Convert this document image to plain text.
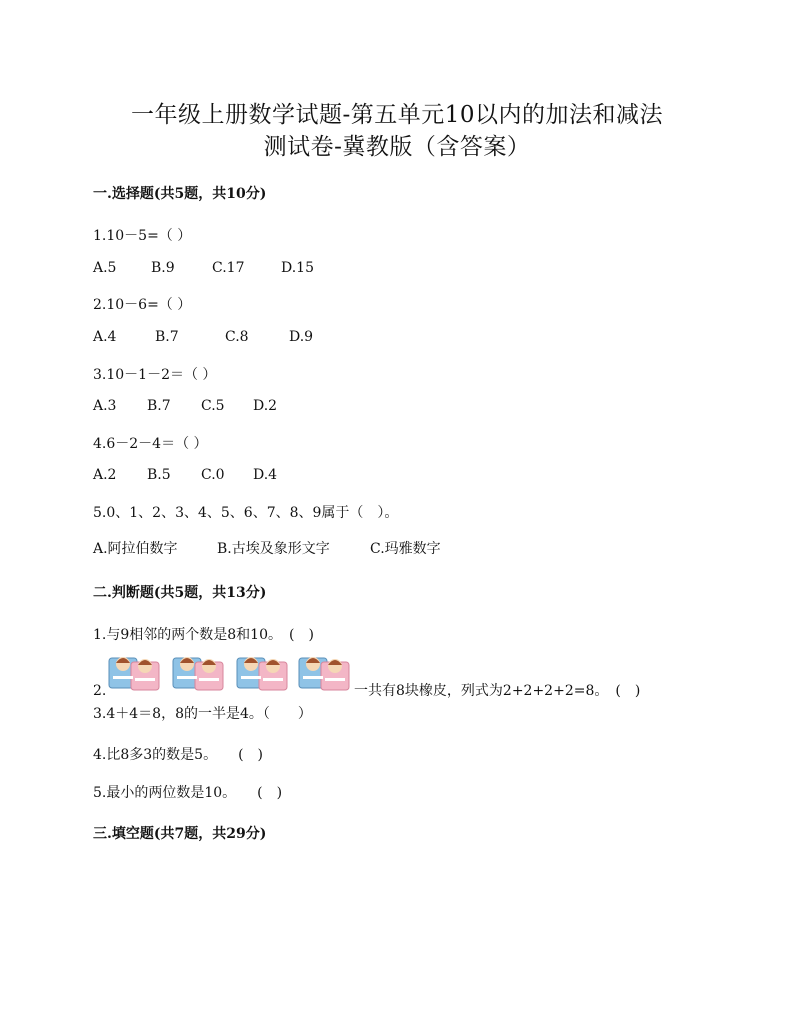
一年级上册数学试题-第五单元10以内的加法和减法
测试卷-冀教版（含答案）
一.选择题(共5题，共10分)
1.10－5=（ ）
A.5 B.9	C.17	D.15
2.10－6=（ ）
A.4	B.7	C.8	D.9
3.10－1－2＝（ ）
A.3 B.7 C.5 D.2
4.6－2－4＝（ ）
A.2 B.5 C.0 D.4
5.0、1、2、3、4、5、6、7、8、9属于（　）。
A.阿拉伯数字	B.古埃及象形文字	C.玛雅数字
二.判断题(共5题，共13分)
1.与9相邻的两个数是8和10。　(　)
2.	一共有8块橡皮，列式为2+2+2+2=8。　(　)
3.4＋4＝8，8的一半是4。（　　）
4.比8多3的数是5。　　(　)
5.最小的两位数是10。　　(　)
三.填空题(共7题，共29分)
